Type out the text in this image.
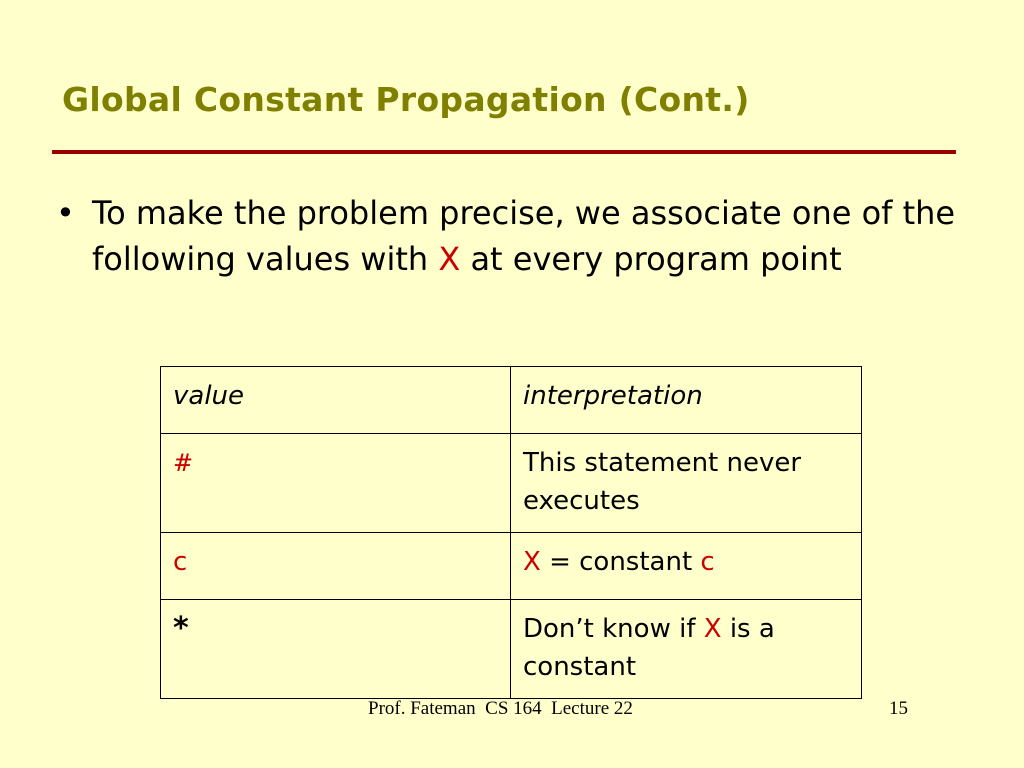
Global Constant Propagation (Cont.)
• To make the problem precise, we associate one of the following values with X at every program point
value	interpretation
#	This statement never executes
c	X = constant c
*	Don’t know if X is a constant
Prof. Fateman  CS 164  Lecture 22	15
